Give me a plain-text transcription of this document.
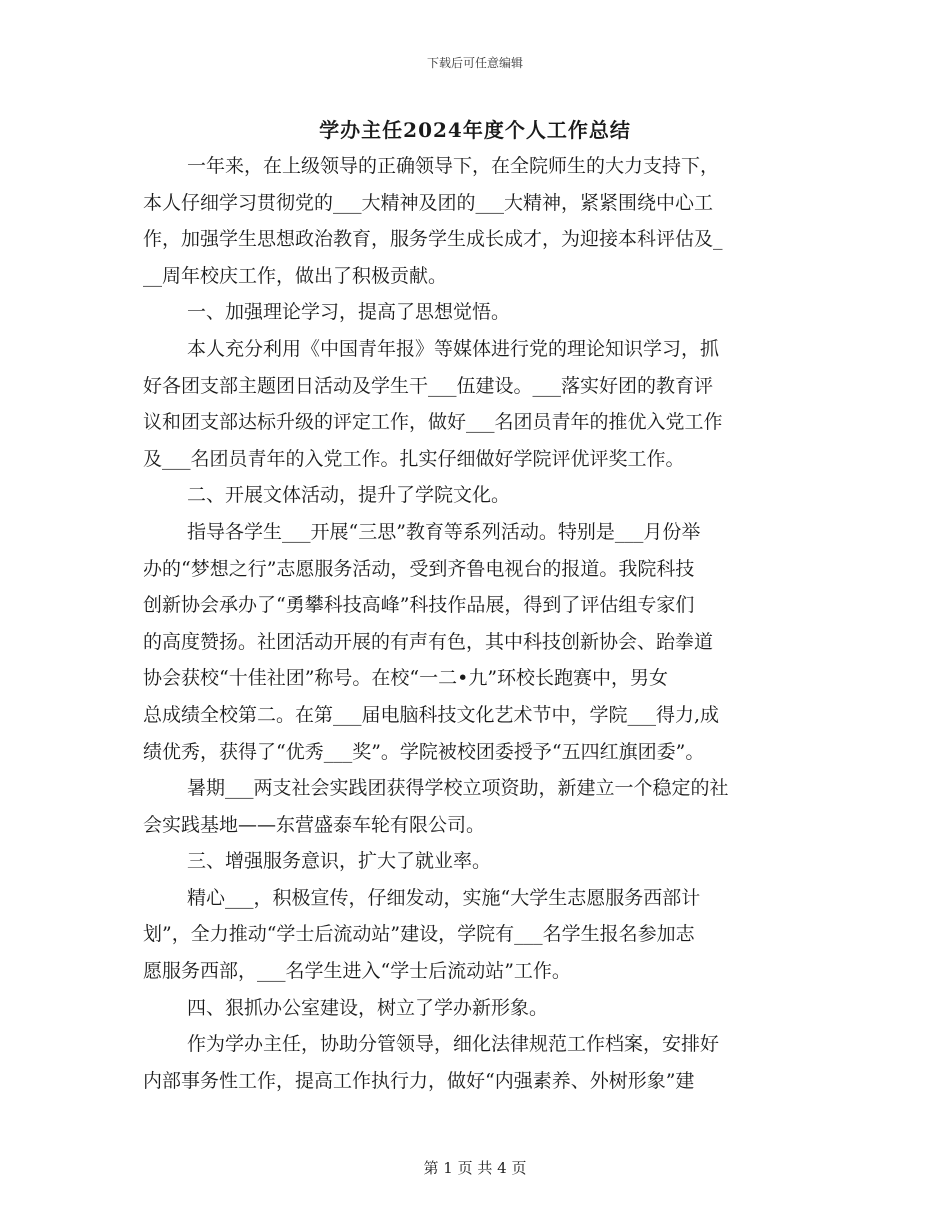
下载后可任意编辑
学办主任2024年度个人工作总结
一年来，在上级领导的正确领导下，在全院师生的大力支持下，
本人仔细学习贯彻党的___大精神及团的___大精神，紧紧围绕中心工
作，加强学生思想政治教育，服务学生成长成才，为迎接本科评估及_
__周年校庆工作，做出了积极贡献。
一、加强理论学习，提高了思想觉悟。
本人充分利用《中国青年报》等媒体进行党的理论知识学习，抓
好各团支部主题团日活动及学生干___伍建设。___落实好团的教育评
议和团支部达标升级的评定工作，做好___名团员青年的推优入党工作
及___名团员青年的入党工作。扎实仔细做好学院评优评奖工作。
二、开展文体活动，提升了学院文化。
指导各学生___开展“三思”教育等系列活动。特别是___月份举
办的“梦想之行”志愿服务活动，受到齐鲁电视台的报道。我院科技
创新协会承办了“勇攀科技高峰”科技作品展，得到了评估组专家们
的高度赞扬。社团活动开展的有声有色，其中科技创新协会、跆拳道
协会获校“十佳社团”称号。在校“一二•九”环校长跑赛中，男女
总成绩全校第二。在第___届电脑科技文化艺术节中，学院___得力,成
绩优秀，获得了“优秀___奖”。学院被校团委授予“五四红旗团委”。
暑期___两支社会实践团获得学校立项资助，新建立一个稳定的社
会实践基地——东营盛泰车轮有限公司。
三、增强服务意识，扩大了就业率。
精心___，积极宣传，仔细发动，实施“大学生志愿服务西部计
划”，全力推动“学士后流动站”建设，学院有___名学生报名参加志
愿服务西部，___名学生进入“学士后流动站”工作。
四、狠抓办公室建设，树立了学办新形象。
作为学办主任，协助分管领导，细化法律规范工作档案，安排好
内部事务性工作，提高工作执行力，做好“内强素养、外树形象”建
第 1 页 共 4 页
